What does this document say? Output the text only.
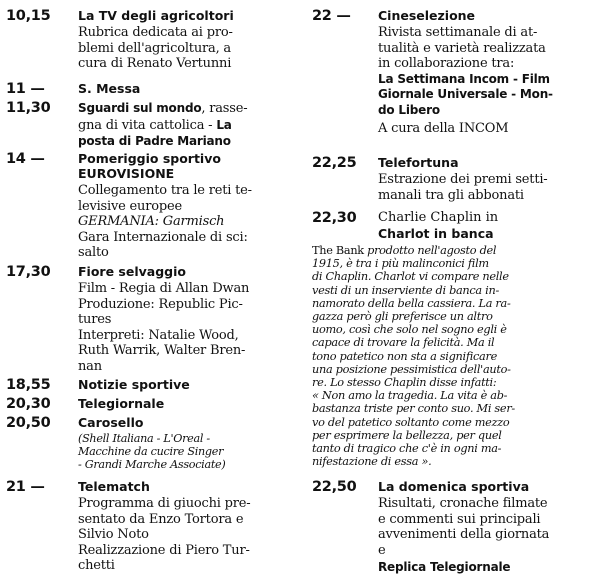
10,15 La TV degli agricoltori
Rubrica dedicata ai pro-
blemi dell'agricoltura, a
cura di Renato Vertunni
11 —	S. Messa
11,30 Sguardi sul mondo, rasse-
gna di vita cattolica - La
posta di Padre Mariano
14 —	Pomeriggio sportivo
EUROVISIONE
Collegamento tra le reti te-
levisive europee
GERMANIA: Garmisch
Gara Internazionale di sci:
salto
17,30 Fiore selvaggio
Film - Regia di Allan Dwan
Produzione: Republic Pic-
tures
Interpreti: Natalie Wood,
Ruth Warrik, Walter Bren-
nan
18,55 Notizie sportive
20,30 Telegiornale
20,50 Carosello
(Shell Italiana - L'Oreal -
Macchine da cucire Singer
- Grandi Marche Associate)
21 —	Telematch
Programma di giuochi pre-
sentato da Enzo Tortora e
Silvio Noto
Realizzazione di Piero Tur-
chetti
22 — Cineselezione
Rivista settimanale di at-
tualità e varietà realizzata
in collaborazione tra:
La Settimana Incom - Film
Giornale Universale - Mon-
do Libero
A cura della INCOM
22,25 Telefortuna
Estrazione dei premi setti-
manali tra gli abbonati
22,30 Charlie Chaplin in
Charlot in banca
The Bank prodotto nell'agosto del
1915, è tra i più malinconici film
di Chaplin. Charlot vi compare nelle
vesti di un inserviente di banca in-
namorato della bella cassiera. La ra-
gazza però gli preferisce un altro
uomo, così che solo nel sogno egli è
capace di trovare la felicità. Ma il
tono patetico non sta a significare
una posizione pessimistica dell'auto-
re. Lo stesso Chaplin disse infatti:
« Non amo la tragedia. La vita è ab-
bastanza triste per conto suo. Mi ser-
vo del patetico soltanto come mezzo
per esprimere la bellezza, per quel
tanto di tragico che c'è in ogni ma-
nifestazione di essa ».
22,50 La domenica sportiva
Risultati, cronache filmate
e commenti sui principali
avvenimenti della giornata
e
Replica Telegiornale
